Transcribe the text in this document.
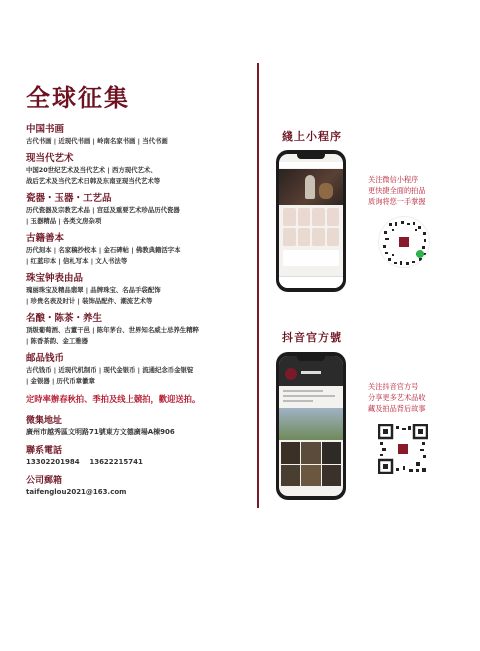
全球征集
中国书画
古代书画 | 近现代书画 | 岭南名家书画 | 当代书画
现当代艺术
中国20世纪艺术及当代艺术 | 西方现代艺术、
战后艺术及当代艺术日韩及东南亚现当代艺术等
瓷器・玉器・工艺品
历代瓷器及宗教艺术品 | 宫廷及重要艺术珍品历代瓷器
| 玉器精品 | 各类文房杂项
古籍善本
历代刻本 | 名家稿抄校本 | 金石碑帖 | 佛教典籍活字本
| 红蓝印本 | 信札写本 | 文人书法等
珠宝钟表由品
瑰丽珠宝及精品翡翠 | 品牌珠宝、名品手袋配饰
| 珍贵名表及时计 | 装饰品配件、潮流艺术等
名酿・陈茶・养生
顶级葡萄酒、古董干邑 | 陈年茅台、世界知名威士忌养生精粹
| 陈香茶韵、金工雅器
邮品钱币
古代钱币 | 近现代机制币 | 现代金银币 | 流通纪念币金银锭
| 金银器 | 历代币章徽章
定時率辦春秋拍、季拍及线上競拍，歡迎送拍。
微集地址
廣州市越秀區文明路71號東方文德廣場A棟906
聯系電話
13302201984    13622215741
公司郵箱
taifenglou2021@163.com
綫上小程序
关注微信小程序
更快捷全面的拍品
质询将您一手掌握
抖音官方號
关注抖音官方号
分享更多艺术品收
藏及拍品背后故事
